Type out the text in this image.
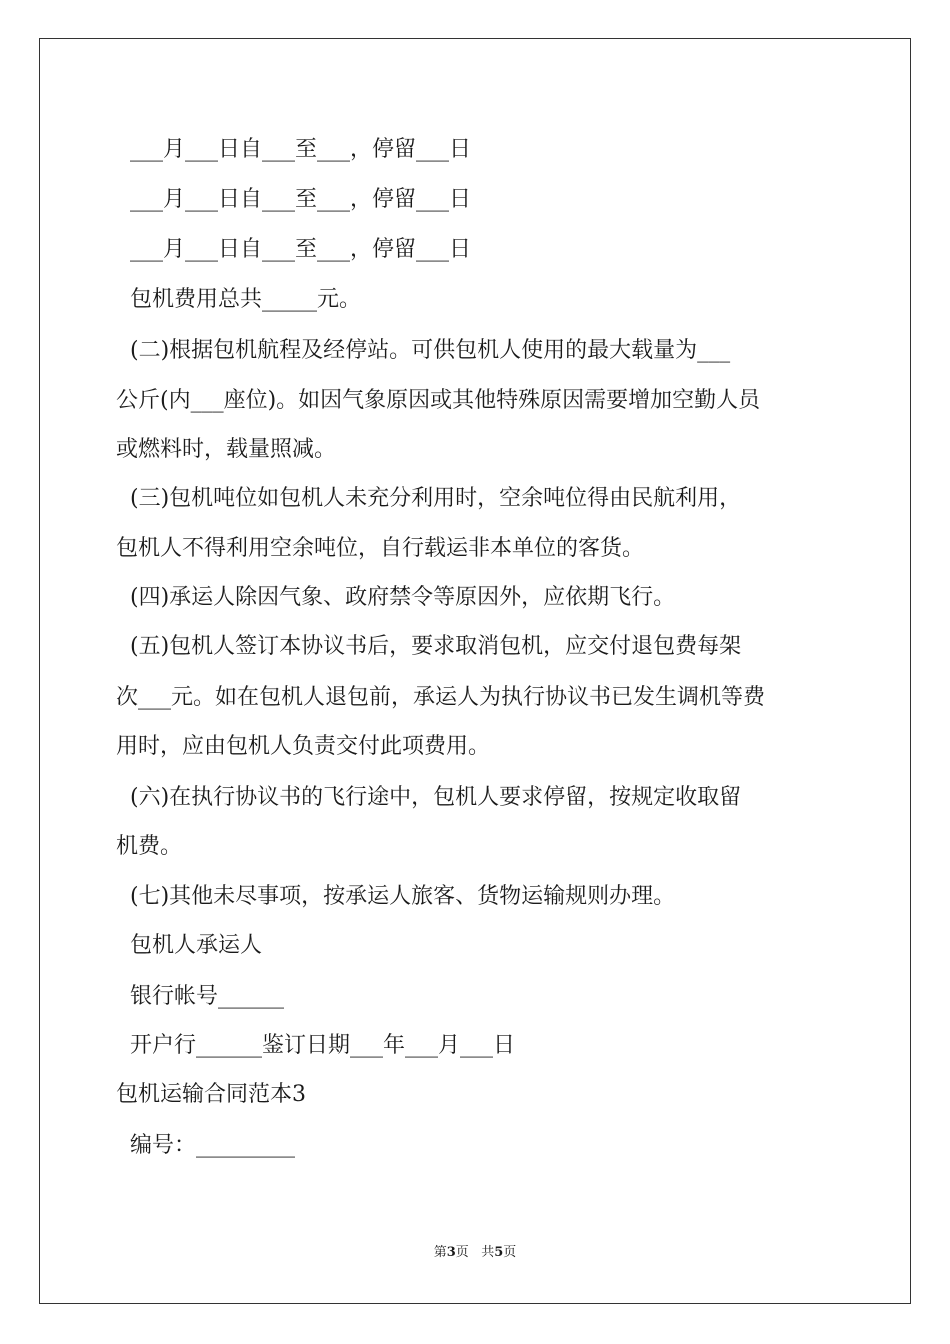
___月___日自___至___，停留___日
___月___日自___至___，停留___日
___月___日自___至___，停留___日
包机费用总共_____元。
(二)根据包机航程及经停站。可供包机人使用的最大载量为___
公斤(内___座位)。如因气象原因或其他特殊原因需要增加空勤人员
或燃料时，载量照减。
(三)包机吨位如包机人未充分利用时，空余吨位得由民航利用，
包机人不得利用空余吨位，自行载运非本单位的客货。
(四)承运人除因气象、政府禁令等原因外，应依期飞行。
(五)包机人签订本协议书后，要求取消包机，应交付退包费每架
次___元。如在包机人退包前，承运人为执行协议书已发生调机等费
用时，应由包机人负责交付此项费用。
(六)在执行协议书的飞行途中，包机人要求停留，按规定收取留
机费。
(七)其他未尽事项，按承运人旅客、货物运输规则办理。
包机人承运人
银行帐号______
开户行______鉴订日期___年___月___日
包机运输合同范本3
编号：_________
第3页 共5页
